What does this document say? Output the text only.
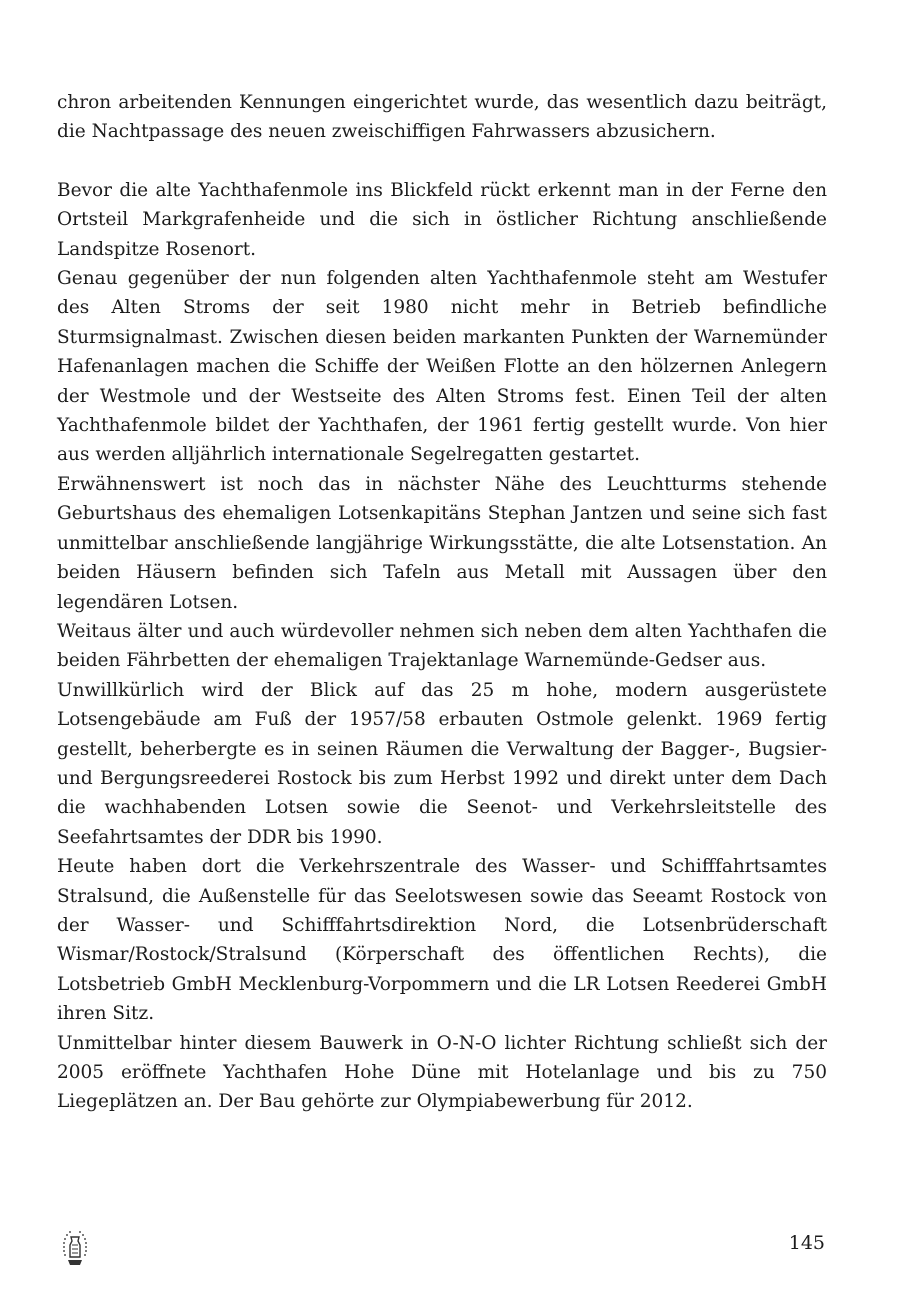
chron arbeitenden Kennungen eingerichtet wurde, das wesentlich dazu beiträgt, die Nachtpassage des neuen zweischiffigen Fahrwassers abzusichern.

Bevor die alte Yachthafenmole ins Blickfeld rückt erkennt man in der Ferne den Ortsteil Markgrafenheide und die sich in östlicher Richtung anschließende Landspitze Rosenort.

Genau gegenüber der nun folgenden alten Yachthafenmole steht am Westufer des Alten Stroms der seit 1980 nicht mehr in Betrieb befindliche Sturmsignalmast. Zwischen diesen beiden markanten Punkten der Warnemünder Hafenanlagen machen die Schiffe der Weißen Flotte an den hölzernen Anlegern der Westmole und der Westseite des Alten Stroms fest. Einen Teil der alten Yachthafenmole bildet der Yachthafen, der 1961 fertig gestellt wurde. Von hier aus werden alljährlich internationale Segelregatten gestartet.

Erwähnenswert ist noch das in nächster Nähe des Leuchtturms stehende Geburtshaus des ehemaligen Lotsenkapitäns Stephan Jantzen und seine sich fast unmittelbar anschließende langjährige Wirkungsstätte, die alte Lotsenstation. An beiden Häusern befinden sich Tafeln aus Metall mit Aussagen über den legendären Lotsen.

Weitaus älter und auch würdevoller nehmen sich neben dem alten Yachthafen die beiden Fährbetten der ehemaligen Trajektanlage Warnemünde-Gedser aus.

Unwillkürlich wird der Blick auf das 25 m hohe, modern ausgerüstete Lotsengebäude am Fuß der 1957/58 erbauten Ostmole gelenkt. 1969 fertig gestellt, beherbergte es in seinen Räumen die Verwaltung der Bagger-, Bugsier- und Bergungsreederei Rostock bis zum Herbst 1992 und direkt unter dem Dach die wachhabenden Lotsen sowie die Seenot- und Verkehrsleitstelle des Seefahrtsamtes der DDR bis 1990.

Heute haben dort die Verkehrszentrale des Wasser- und Schifffahrtsamtes Stralsund, die Außenstelle für das Seelotswesen sowie das Seeamt Rostock von der Wasser- und Schifffahrtsdirektion Nord, die Lotsenbrüderschaft Wismar/Rostock/Stralsund (Körperschaft des öffentlichen Rechts), die Lotsbetrieb GmbH Mecklenburg-Vorpommern und die LR Lotsen Reederei GmbH ihren Sitz.

Unmittelbar hinter diesem Bauwerk in O-N-O lichter Richtung schließt sich der 2005 eröffnete Yachthafen Hohe Düne mit Hotelanlage und bis zu 750 Liegeplätzen an. Der Bau gehörte zur Olympiabewerbung für 2012.

145
